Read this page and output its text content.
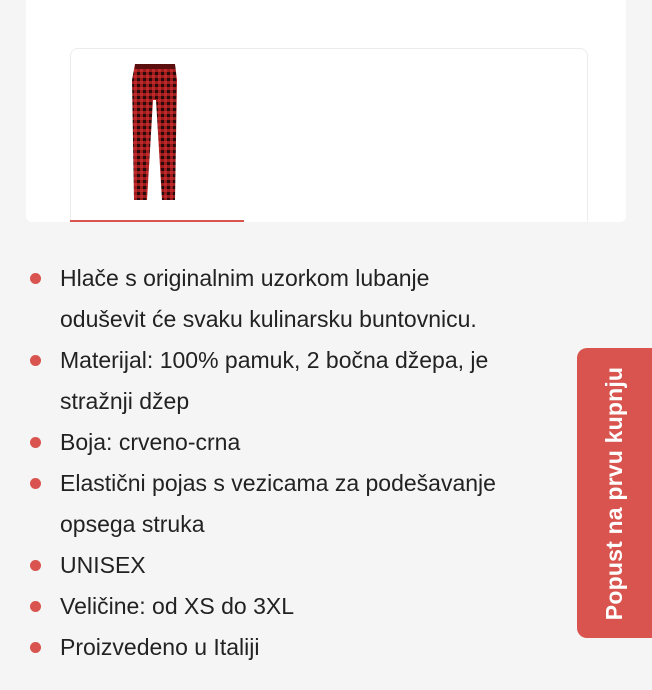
Hlače s originalnim uzorkom lubanje
oduševit će svaku kulinarsku buntovnicu.
Materijal: 100% pamuk, 2 bočna džepa, je
stražnji džep
Boja: crveno-crna
Elastični pojas s vezicama za podešavanje
opsega struka
UNISEX
Veličine: od XS do 3XL
Proizvedeno u Italiji
Popust na prvu kupnju
